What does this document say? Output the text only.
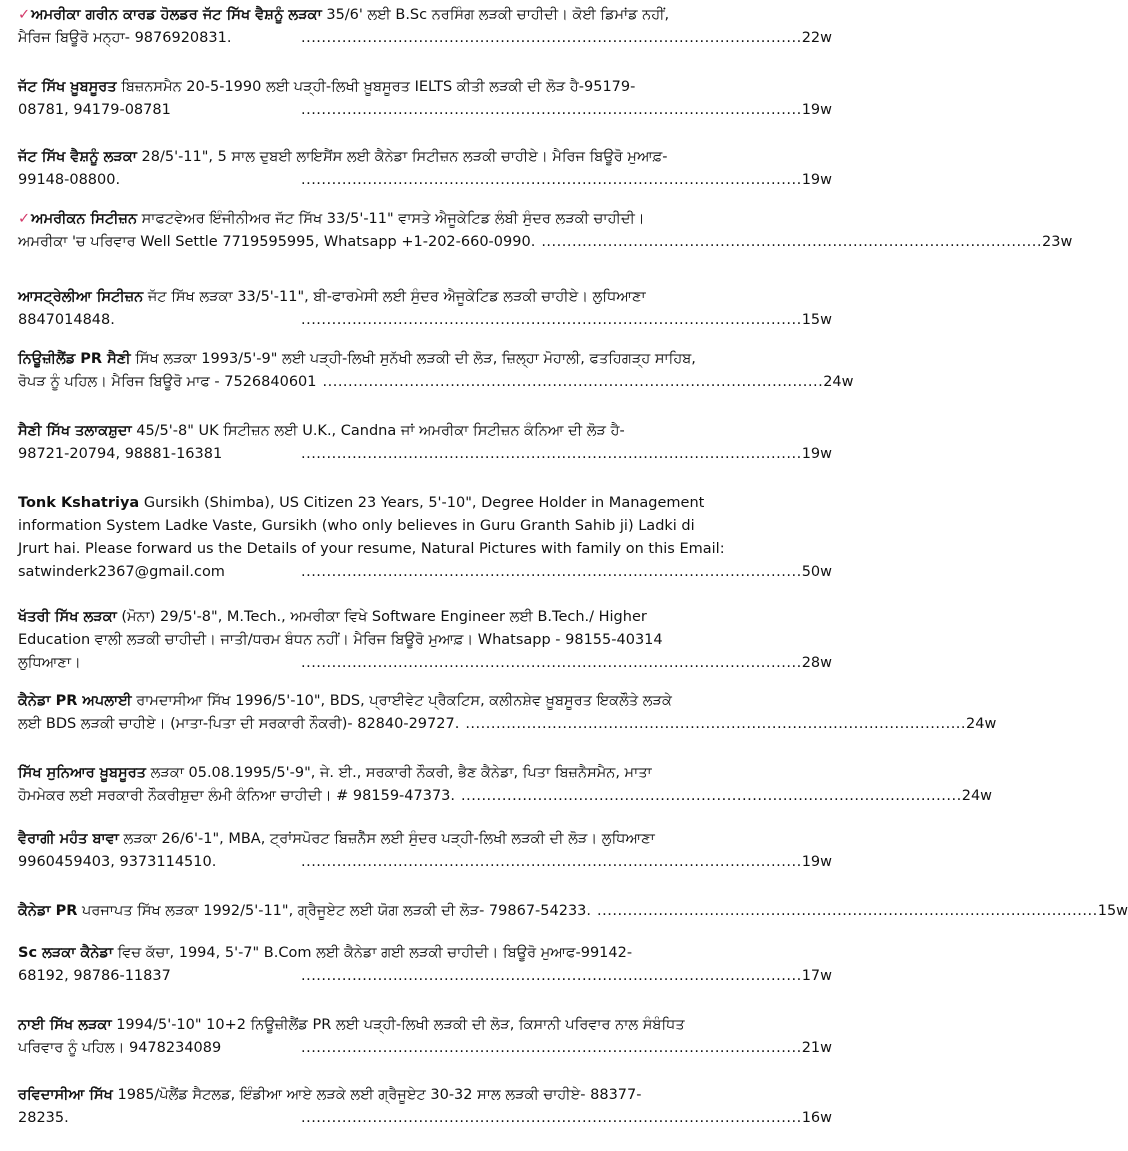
✓ਅਮਰੀਕਾ ਗਰੀਨ ਕਾਰਡ ਹੋਲਡਰ ਜੱਟ ਸਿੱਖ ਵੈਸ਼ਨੂੰ ਲੜਕਾ 35/6' ਲਈ B.Sc ਨਰਸਿੰਗ ਲੜਕੀ ਚਾਹੀਦੀ। ਕੋਈ ਡਿਮਾਂਡ ਨਹੀਂ,
ਮੈਰਿਜ ਬਿਊਰੋ ਮਨ੍ਹਾ- 9876920831.	.................................................................................................. 22w
ਜੱਟ ਸਿੱਖ ਖ਼ੂਬਸੂਰਤ ਬਿਜ਼ਨਸਮੈਨ 20-5-1990 ਲਈ ਪੜ੍ਹੀ-ਲਿਖੀ ਖ਼ੂਬਸੂਰਤ IELTS ਕੀਤੀ ਲੜਕੀ ਦੀ ਲੋੜ ਹੈ-95179-
08781, 94179-08781	.................................................................................................. 19w
ਜੱਟ ਸਿੱਖ ਵੈਸ਼ਨੂੰ ਲੜਕਾ 28/5'-11", 5 ਸਾਲ ਦੁਬਈ ਲਾਇਸੈਂਸ ਲਈ ਕੈਨੇਡਾ ਸਿਟੀਜ਼ਨ ਲੜਕੀ ਚਾਹੀਏ। ਮੈਰਿਜ ਬਿਊਰੋ ਮੁਆਫ਼-
99148-08800.	.................................................................................................. 19w
✓ਅਮਰੀਕਨ ਸਿਟੀਜ਼ਨ ਸਾਫਟਵੇਅਰ ਇੰਜੀਨੀਅਰ ਜੱਟ ਸਿੱਖ 33/5'-11" ਵਾਸਤੇ ਐਜੂਕੇਟਿਡ ਲੰਬੀ ਸੁੰਦਰ ਲੜਕੀ ਚਾਹੀਦੀ।
ਅਮਰੀਕਾ 'ਚ ਪਰਿਵਾਰ Well Settle 7719595995, Whatsapp +1-202-660-0990. .................................................................................................. 23w
ਆਸਟ੍ਰੇਲੀਆ ਸਿਟੀਜ਼ਨ ਜੱਟ ਸਿੱਖ ਲੜਕਾ 33/5'-11", ਬੀ-ਫਾਰਮੇਸੀ ਲਈ ਸੁੰਦਰ ਐਜੂਕੇਟਿਡ ਲੜਕੀ ਚਾਹੀਏ। ਲੁਧਿਆਣਾ
8847014848.	.................................................................................................. 15w
ਨਿਊਜ਼ੀਲੈਂਡ PR ਸੈਣੀ ਸਿੱਖ ਲੜਕਾ 1993/5'-9" ਲਈ ਪੜ੍ਹੀ-ਲਿਖੀ ਸੁਨੱਖੀ ਲੜਕੀ ਦੀ ਲੋੜ, ਜ਼ਿਲ੍ਹਾ ਮੋਹਾਲੀ, ਫਤਹਿਗੜ੍ਹ ਸਾਹਿਬ,
ਰੋਪੜ ਨੂੰ ਪਹਿਲ। ਮੈਰਿਜ ਬਿਊਰੋ ਮਾਫ - 7526840601 .................................................................................................. 24w
ਸੈਣੀ ਸਿੱਖ ਤਲਾਕਸ਼ੁਦਾ 45/5'-8" UK ਸਿਟੀਜ਼ਨ ਲਈ U.K., Candna ਜਾਂ ਅਮਰੀਕਾ ਸਿਟੀਜ਼ਨ ਕੰਨਿਆ ਦੀ ਲੋੜ ਹੈ-
98721-20794, 98881-16381	.................................................................................................. 19w
Tonk Kshatriya Gursikh (Shimba), US Citizen 23 Years, 5'-10", Degree Holder in Management
information System Ladke Vaste, Gursikh (who only believes in Guru Granth Sahib ji) Ladki di
Jrurt hai. Please forward us the Details of your resume, Natural Pictures with family on this Email:
satwinderk2367@gmail.com	.................................................................................................. 50w
ਖੱਤਰੀ ਸਿੱਖ ਲੜਕਾ (ਮੋਨਾ) 29/5'-8", M.Tech., ਅਮਰੀਕਾ ਵਿਖੇ Software Engineer ਲਈ B.Tech./ Higher
Education ਵਾਲੀ ਲੜਕੀ ਚਾਹੀਦੀ। ਜਾਤੀ/ਧਰਮ ਬੰਧਨ ਨਹੀਂ। ਮੈਰਿਜ ਬਿਊਰੋ ਮੁਆਫ਼। Whatsapp - 98155-40314
ਲੁਧਿਆਣਾ।	.................................................................................................. 28w
ਕੈਨੇਡਾ PR ਅਪਲਾਈ ਰਾਮਦਾਸੀਆ ਸਿੱਖ 1996/5'-10", BDS, ਪ੍ਰਾਈਵੇਟ ਪ੍ਰੈਕਟਿਸ, ਕਲੀਨਸ਼ੇਵ ਖ਼ੂਬਸੂਰਤ ਇਕਲੌਤੇ ਲੜਕੇ
ਲਈ BDS ਲੜਕੀ ਚਾਹੀਏ। (ਮਾਤਾ-ਪਿਤਾ ਦੀ ਸਰਕਾਰੀ ਨੌਕਰੀ)- 82840-29727. .................................................................................................. 24w
ਸਿੱਖ ਸੁਨਿਆਰ ਖ਼ੂਬਸੂਰਤ ਲੜਕਾ 05.08.1995/5'-9", ਜੇ. ਈ., ਸਰਕਾਰੀ ਨੌਕਰੀ, ਭੈਣ ਕੈਨੇਡਾ, ਪਿਤਾ ਬਿਜ਼ਨੈਸਮੈਨ, ਮਾਤਾ
ਹੋਮਮੇਕਰ ਲਈ ਸਰਕਾਰੀ ਨੌਕਰੀਸ਼ੁਦਾ ਲੰਮੀ ਕੰਨਿਆ ਚਾਹੀਦੀ। # 98159-47373. .................................................................................................. 24w
ਵੈਰਾਗੀ ਮਹੰਤ ਬਾਵਾ ਲੜਕਾ 26/6'-1", MBA, ਟ੍ਰਾਂਸਪੋਰਟ ਬਿਜ਼ਨੈੱਸ ਲਈ ਸੁੰਦਰ ਪੜ੍ਹੀ-ਲਿਖੀ ਲੜਕੀ ਦੀ ਲੋੜ। ਲੁਧਿਆਣਾ
9960459403, 9373114510.	.................................................................................................. 19w
ਕੈਨੇਡਾ PR ਪਰਜਾਪਤ ਸਿੱਖ ਲੜਕਾ 1992/5'-11", ਗ੍ਰੈਜੂਏਟ ਲਈ ਯੋਗ ਲੜਕੀ ਦੀ ਲੋੜ- 79867-54233. .................................................................................................. 15w
Sc ਲੜਕਾ ਕੈਨੇਡਾ ਵਿਚ ਕੱਚਾ, 1994, 5'-7" B.Com ਲਈ ਕੈਨੇਡਾ ਗਈ ਲੜਕੀ ਚਾਹੀਦੀ। ਬਿਊਰੋ ਮੁਆਫ-99142-
68192, 98786-11837	.................................................................................................. 17w
ਨਾਈ ਸਿੱਖ ਲੜਕਾ 1994/5'-10" 10+2 ਨਿਊਜ਼ੀਲੈਂਡ PR ਲਈ ਪੜ੍ਹੀ-ਲਿਖੀ ਲੜਕੀ ਦੀ ਲੋੜ, ਕਿਸਾਨੀ ਪਰਿਵਾਰ ਨਾਲ ਸੰਬੰਧਿਤ
ਪਰਿਵਾਰ ਨੂੰ ਪਹਿਲ। 9478234089	.................................................................................................. 21w
ਰਵਿਦਾਸੀਆ ਸਿੱਖ 1985/ਪੋਲੈਂਡ ਸੈਟਲਡ, ਇੰਡੀਆ ਆਏ ਲੜਕੇ ਲਈ ਗ੍ਰੈਜੂਏਟ 30-32 ਸਾਲ ਲੜਕੀ ਚਾਹੀਏ- 88377-
28235.	.................................................................................................. 16w
